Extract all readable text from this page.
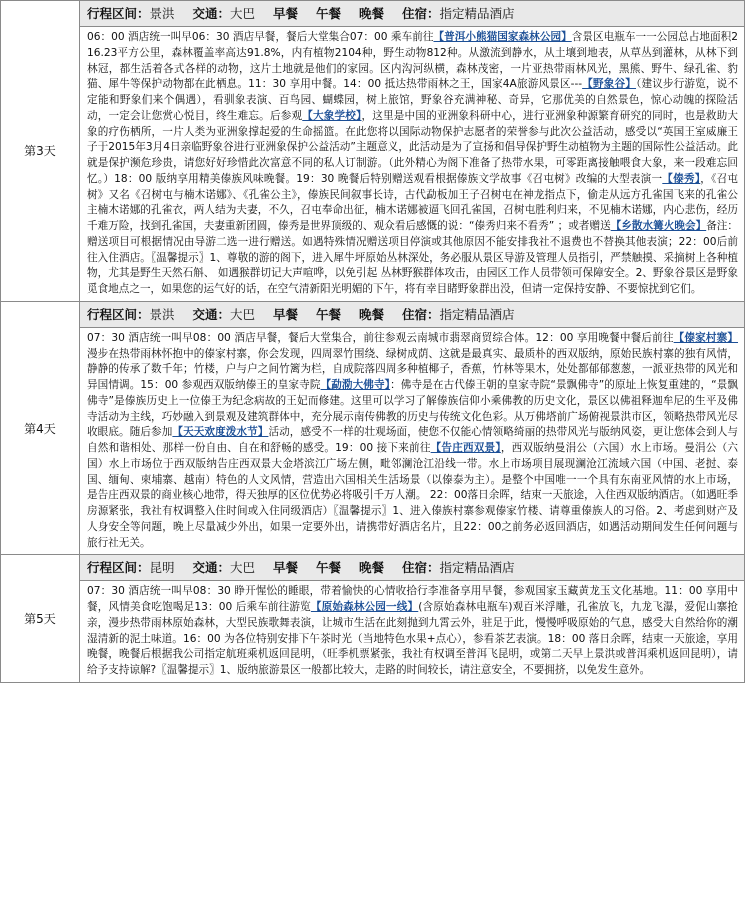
第3天	行程区间：景洪 交通：大巴 早餐 午餐 晚餐 住宿：指定精品酒店

06：00 酒店统一叫早06：30 酒店早餐，餐后大堂集合07：00 乘车前往【普洱小熊猫国家森林公园】含景区电瓶车一一公园总占地面积216.23平方公里，森林覆盖率高达91.8%，内有植物2104种，野生动物812种。从激流到静水，从土壤到地表，从草丛到灌林，从林下到林冠，都生活着各式各样的动物，这片土地就是他们的家园。区内沟河纵横，森林茂密，一片亚热带雨林风光，黑熊、野牛、绿孔雀、豹猫、犀牛等保护动物都在此栖息。11：30 享用中餐。14：00 抵达热带雨林之王，国家4A旅游风景区---【野象谷】（建议步行游览，说不定能和野象们来个偶遇），看驯象表演、百鸟园、蝴蝶园，树上旅馆，野象谷充满神秘、奇异，它那优美的自然景色，惊心动魄的探险活动，一定会让您赏心悦目，终生难忘。后参观【大象学校】，这里是中国的亚洲象科研中心，进行亚洲象种源繁育研究的同时，也是救助大象的疗伤栖所，一片人类为亚洲象撑起爱的生命摇篮。在此您将以国际动物保护志愿者的荣誉参与此次公益活动，感受以“英国王室威廉王子于2015年3月4日亲临野象谷进行亚洲象保护公益活动”主题意义，此活动是为了宣扬和倡导保护野生动植物为主题的国际性公益活动。此就是保护濒危珍贵，请您好好珍惜此次富意不同的私人订制游。（此外精心为阁下准备了热带水果，可零距离接触喂食大象，来一段难忘回忆。）18：00 版纳享用精美傣族风味晚餐。19：30 晚餐后特别赠送观看根据傣族文学故事《召屯树》改编的大型表演一【傣秀】，《召屯树》又名《召树屯与楠木诺娜》、《孔雀公主》，傣族民间叙事长诗，古代勐板加王子召树屯在神龙指点下，偷走从远方孔雀国飞来的孔雀公主楠木诺娜的孔雀衣，两人结为夫妻，不久，召屯奉命出征，楠木诺娜被逼飞回孔雀国，召树屯胜利归来，不见楠木诺娜，内心悲伤，经历千难万险，找到孔雀国，夫妻重新团圆，傣秀是世界顶级的、观众看后感慨的说：“傣秀归来不看秀” ；或者赠送【乡散水篝火晚会】备注：赠送项目可根据情况由导游二选一进行赠送。如遇特殊情况赠送项目停演或其他原因不能安排我社不退费也不替换其他表演；22：00后前往入住酒店。〖温馨提示〗1、尊敬的游的阁下，进入犀牛坪原始丛林深处，务必服从景区导游及管理人员指引，严禁触摸、采摘树上各种植物，尤其是野生天然石斛、 如遇猴群切记大声喧哗，以免引起 丛林野猴群体攻击，由园区工作人员带领可保障安全。2、野象谷景区是野象觅食地点之一，如果您的运气好的话，在空气清新阳光明媚的下午，将有幸目睹野象群出没，但请一定保持安静、不要惊扰到它们。

第4天	行程区间：景洪 交通：大巴 早餐 午餐 晚餐 住宿：指定精品酒店

07：30 酒店统一叫早08：00 酒店早餐，餐后大堂集合，前往参观云南城市翡翠商贸综合体。12：00 享用晚餐中餐后前往【傣家村寨】漫步在热带雨林怀抱中的傣家村寨，你会发现，四周翠竹围绕、绿树成荫、这就是最真实、最质朴的西双版纳，原始民族村寨的独有风情，静静的传承了数千年；竹楼，户与户之间竹篱为栏，自成院落四周多种植椰子，香蕉，竹林等果木，处处都郁郁葱葱，一派亚热带的风光和异国情调。15：00 参观西双版纳傣王的皇家寺院【勐泐大佛寺】：佛寺是在古代傣王朝的皇家寺院“景飘佛寺”的原址上恢复重建的，“景飘佛寺”是傣族历史上一位傣王为纪念病故的王妃而修建。这里可以学习了解傣族信仰小乘佛教的历史文化，景区以佛祖释迦牟尼的生平及佛寺活动为主线，巧妙融入到景观及建筑群体中，充分展示南传佛教的历史与传统文化色彩。从万佛塔前广场俯视景洪市区，领略热带风光尽收眼底。随后参加【天天欢度泼水节】活动，感受不一样的壮观场面，使您不仅能心情领略绮丽的热带风光与版纳风姿，更让您体会到人与自然和谐相处、那样一份自由、自在和舒畅的感受。19：00 接下来前往【告庄西双景】，西双版纳曼涓公（六国）水上市场。曼涓公（六国）水上市场位于西双版纳告庄西双景大金塔滨江广场左侧，毗邻澜沧江沿线一带。水上市场项目展现澜沧江流域六国（中国、老挝、泰国、缅甸、柬埔寨、越南）特色的人文风情，营造出六国相关生活场景（以傣泰为主）。是整个中国唯一一个具有东南亚风情的水上市场，是告庄西双景的商业核心地带，得天独厚的区位优势必将吸引千万人潮。 22：00落日余晖，结束一天旅途，入住西双版纳酒店。（如遇旺季房源紧张，我社有权调整入住时间或入住同级酒店）〖温馨提示〗1、进入傣族村寨参观傣家竹楼、请尊重傣族人的习俗。2、考虑到财产及人身安全等问题，晚上尽量减少外出，如果一定要外出，请携带好酒店名片，且22：00之前务必返回酒店，如遇活动期间发生任何问题与旅行社无关。

第5天	行程区间：昆明 交通：大巴 早餐 午餐 晚餐 住宿：指定精品酒店

07：30 酒店统一叫早08：30 睁开惺忪的睡眼，带着愉快的心情收拾行李准备享用早餐，参观国家玉藏黄龙玉文化基地。11：00 享用中餐，风情美食吃饱喝足13：00 后乘车前往游览【原始森林公园一线】(含原始森林电瓶车)观百米浮雕，孔雀放飞，九龙飞瀑，爱伲山寨抢亲，漫步热带雨林原始森林，大型民族歌舞表演，让城市生活在此刻抛到九霄云外，驻足于此，慢慢呼吸原始的气息，感受大自然给你的潮湿清新的泥土味道。16：00 为各位特别安排下午茶时光（当地特色水果+点心），参看茶艺表演。18：00 落日余晖，结束一天旅途，享用晚餐，晚餐后根据我公司指定航班乘机返回昆明，（旺季机票紧张，我社有权调至普洱飞昆明，或第二天早上景洪或普洱乘机返回昆明），请给予支持谅解?〖温馨提示〗1、版纳旅游景区一般都比较大，走路的时间较长，请注意安全，不要拥挤，以免发生意外。
